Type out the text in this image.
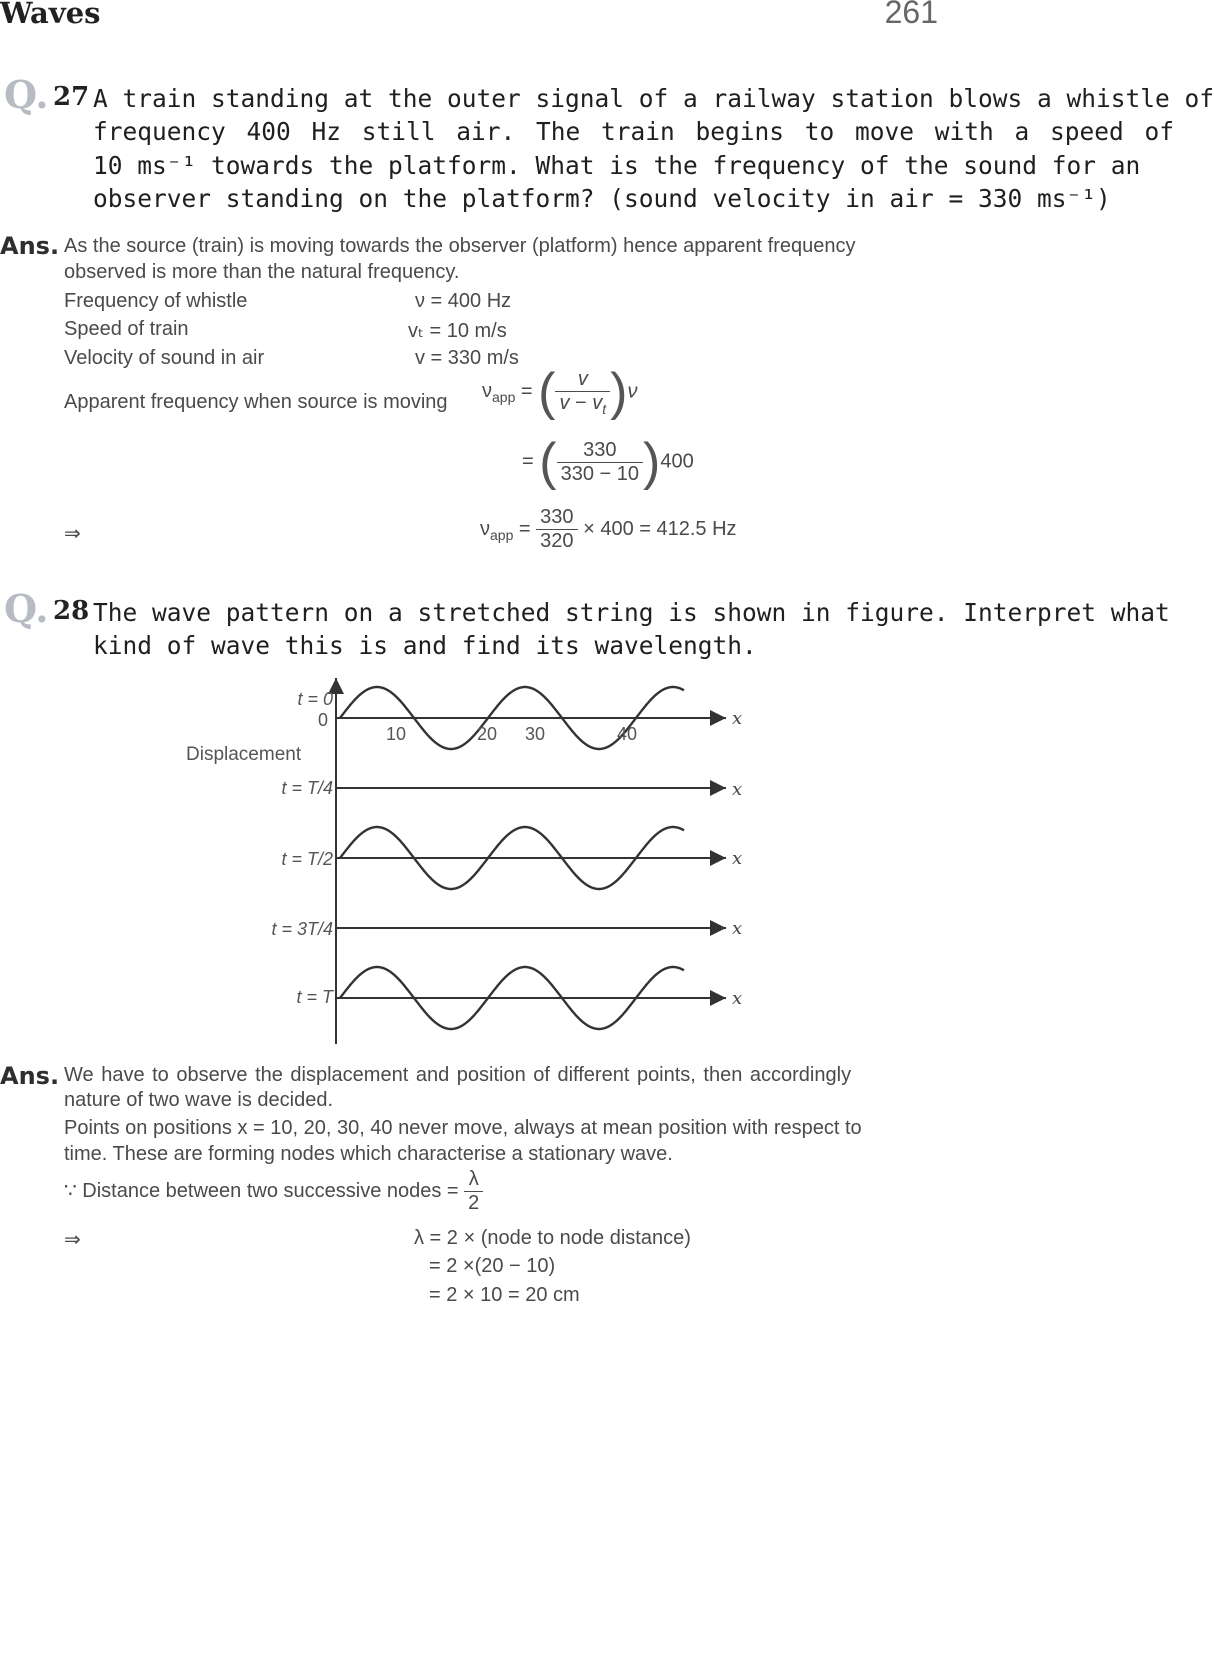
Waves	261
Q. 27 A train standing at the outer signal of a railway station blows a whistle of
frequency 400 Hz still air. The train begins to move with a speed of
10 ms⁻¹ towards the platform. What is the frequency of the sound for an
observer standing on the platform? (sound velocity in air = 330 ms⁻¹)
Ans. As the source (train) is moving towards the observer (platform) hence apparent frequency
observed is more than the natural frequency.
Frequency of whistle	ν = 400 Hz
Speed of train	vₜ = 10 m/s
Velocity of sound in air	v = 330 m/s
Apparent frequency when source is moving $\nu_{app}$ = ( $\frac{v}{v - v_t} )\nu$
= ( $\frac{330}{330 - 10} )400$
⇒	$\nu_{app} = \frac{330}{320} \times 400 = 412.5$ Hz
Q. 28 The wave pattern on a stretched string is shown in figure. Interpret what
kind of wave this is and find its wavelength.
Displacement
0
t = 0
t = T/4
t = T/2
t = 3T/4
t = T
10	20 30	40
x
x
x
x
x
Ans. We have to observe the displacement and position of different points, then accordingly
nature of two wave is decided.
Points on positions x = 10, 20, 30, 40 never move, always at mean position with respect to
time. These are forming nodes which characterise a stationary wave.
∵ Distance between two successive nodes = $\frac{\lambda}{2}$
⇒	λ = 2 × (node to node distance)
= 2 ×(20 − 10)
= 2 × 10 = 20 cm
